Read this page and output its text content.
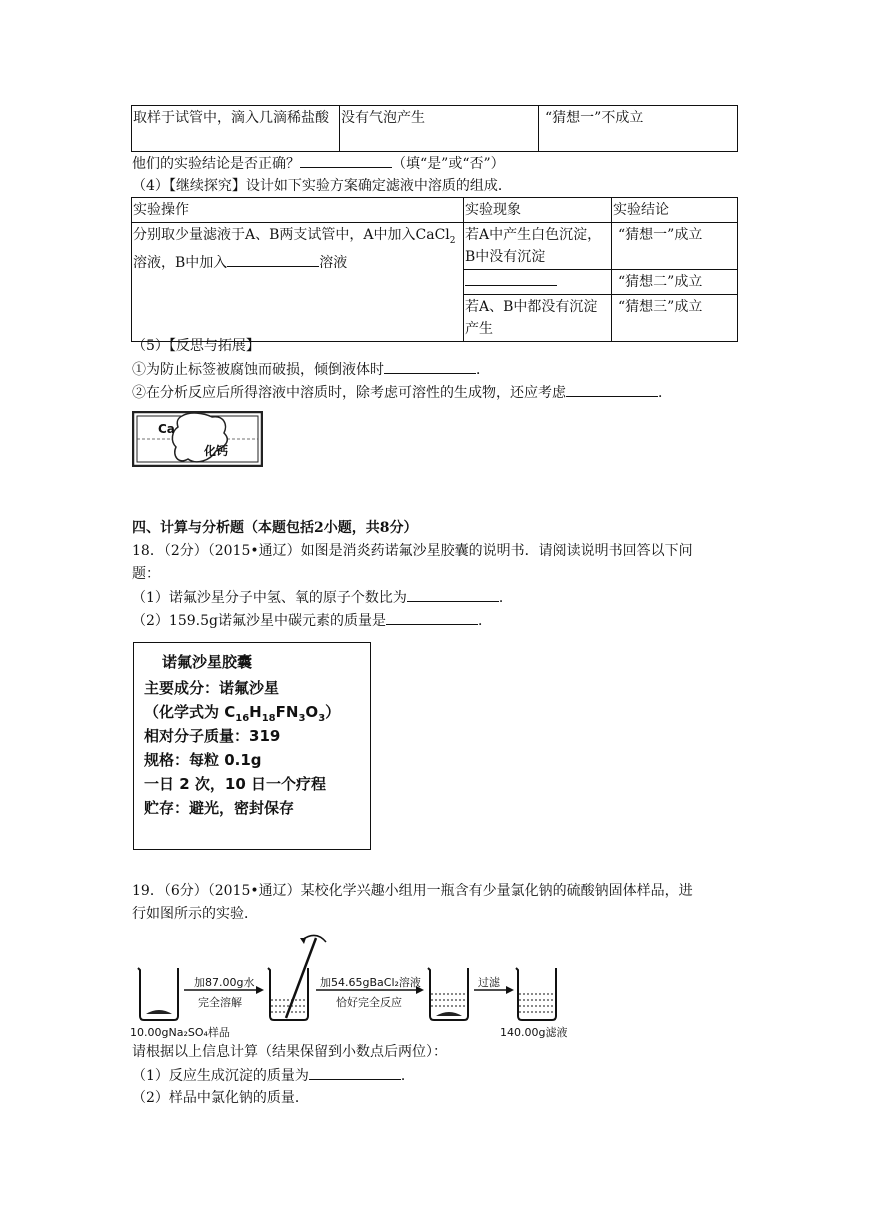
取样于试管中，滴入几滴稀盐酸	没有气泡产生	“猜想一”不成立
他们的实验结论是否正确？	（填“是”或“否”）
（4）【继续探究】设计如下实验方案确定滤液中溶质的组成．
实验操作	实验现象	实验结论

分别取少量滤液于A、B两支试管中，A中加入CaCl$_2$
溶液，B中加入 溶液	若A中产生白色沉淀，B中没有沉淀	“猜想一”成立
		“猜想二”成立
	若A、B中都没有沉淀产生	“猜想三”成立
（5）【反思与拓展】
①为防止标签被腐蚀而破损，倾倒液体时	．
②在分析反应后所得溶液中溶质时，除考虑可溶性的生成物，还应考虑	．
Ca
化钙
四、计算与分析题（本题包括2小题，共8分）
18．（2分）（2015•通辽）如图是消炎药诺氟沙星胶囊的说明书．请阅读说明书回答以下问
题：
（1）诺氟沙星分子中氢、氧的原子个数比为	．
（2）159.5g诺氟沙星中碳元素的质量是	．
诺氟沙星胶囊
主要成分：诺氟沙星
（化学式为 $C_{16}H_{18}FN_3O_3$）
相对分子质量：319
规格：每粒 0.1g
一日 2 次，10 日一个疗程
贮存：避光，密封保存
19．（6分）（2015•通辽）某校化学兴趣小组用一瓶含有少量氯化钠的硫酸钠固体样品，进
行如图所示的实验．
加87.00g水
完全溶解
加54.65gBaCl₂溶液
恰好完全反应
过滤
10.00gNa₂SO₄样品	140.00g滤液
请根据以上信息计算（结果保留到小数点后两位）：
（1）反应生成沉淀的质量为	．
（2）样品中氯化钠的质量．
